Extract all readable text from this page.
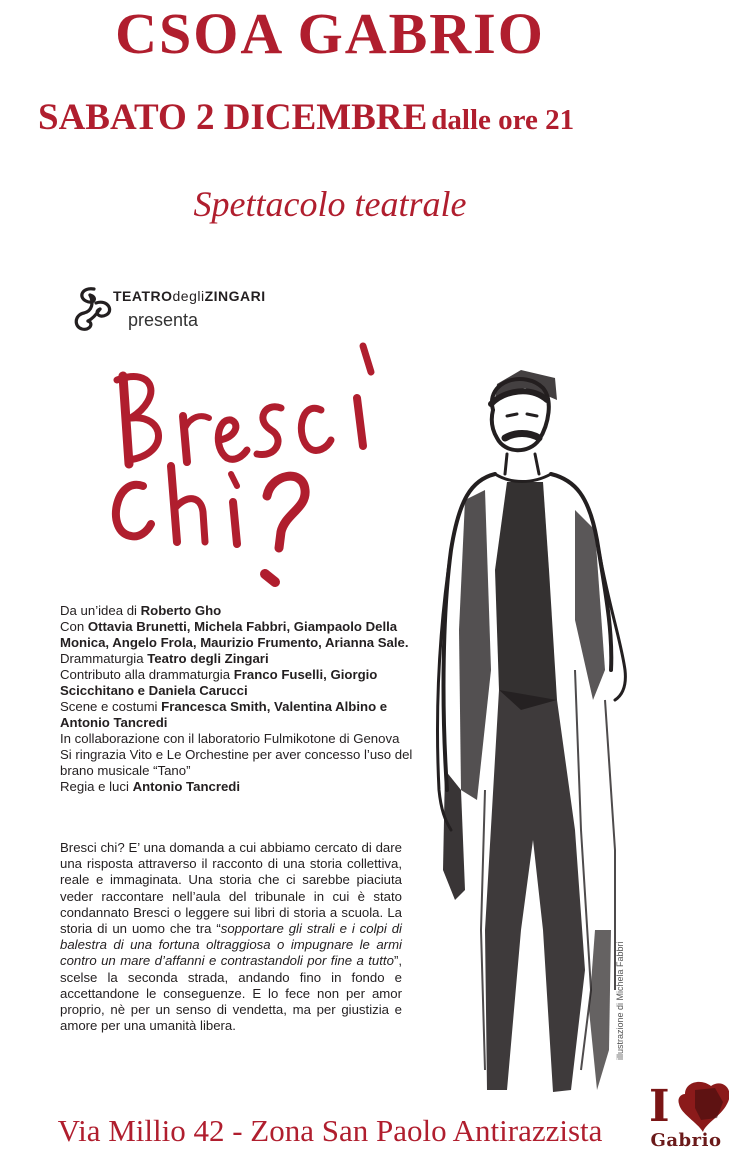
CSOA GABRIO
SABATO 2 DICEMBRE dalle ore 21
Spettacolo teatrale
TEATROdegliZINGARI
presenta
Da un’idea di Roberto Gho
Con Ottavia Brunetti, Michela Fabbri, Giampaolo Della Monica, Angelo Frola, Maurizio Frumento, Arianna Sale.
Drammaturgia Teatro degli Zingari
Contributo alla drammaturgia Franco Fuselli, Giorgio Scicchitano e Daniela Carucci
Scene e costumi Francesca Smith, Valentina Albino e Antonio Tancredi
In collaborazione con il laboratorio Fulmikotone di Genova
Si ringrazia Vito e Le Orchestine per aver concesso l’uso del brano musicale “Tano”
Regia e luci Antonio Tancredi
Bresci chi? E’ una domanda a cui abbiamo cercato di dare una risposta attraverso il racconto di una storia collettiva, reale e immaginata. Una storia che ci sarebbe piaciuta veder raccontare nell’aula del tribunale in cui è stato condannato Bresci o leggere sui libri di storia a scuola. La storia di un uomo che tra “sopportare gli strali e i colpi di balestra di una fortuna oltraggiosa o impugnare le armi contro un mare d’affanni e contrastandoli por fine a tutto”, scelse la seconda strada, andando fino in fondo e accettandone le conseguenze. E lo fece non per amor proprio, nè per un senso di vendetta, ma per giustizia e amore per una umanità libera.	illustrazione di Michela Fabbri
Via Millio 42 - Zona San Paolo Antirazzista	I
Gabrio
